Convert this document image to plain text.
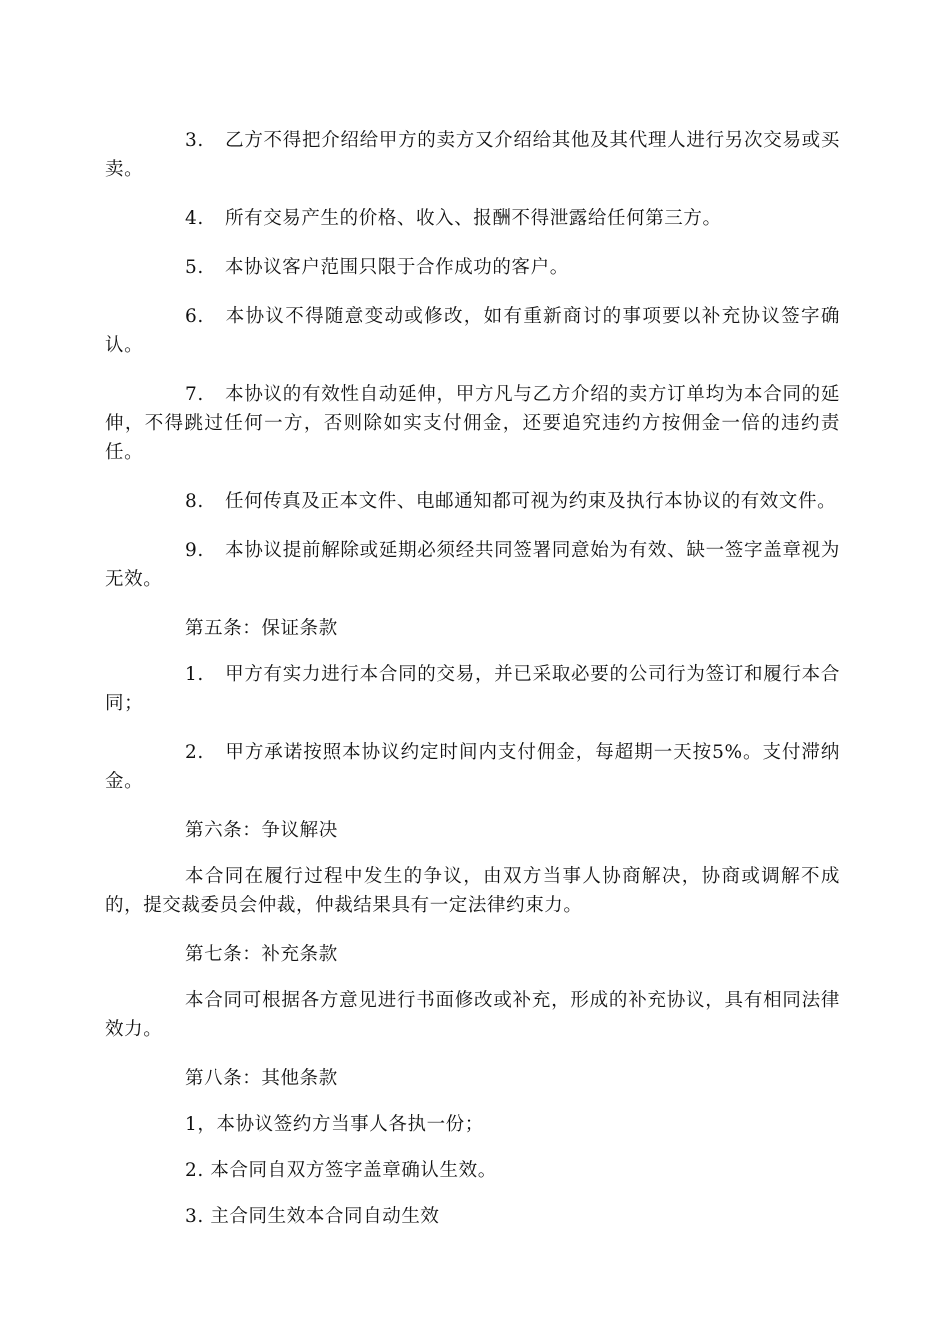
3. 乙方不得把介绍给甲方的卖方又介绍给其他及其代理人进行另次交易或买卖。

4. 所有交易产生的价格、收入、报酬不得泄露给任何第三方。

5. 本协议客户范围只限于合作成功的客户。

6. 本协议不得随意变动或修改，如有重新商讨的事项要以补充协议签字确认。

7. 本协议的有效性自动延伸，甲方凡与乙方介绍的卖方订单均为本合同的延伸，不得跳过任何一方，否则除如实支付佣金，还要追究违约方按佣金一倍的违约责任。

8. 任何传真及正本文件、电邮通知都可视为约束及执行本协议的有效文件。

9. 本协议提前解除或延期必须经共同签署同意始为有效、缺一签字盖章视为无效。

第五条：保证条款

1. 甲方有实力进行本合同的交易，并已采取必要的公司行为签订和履行本合同；

2. 甲方承诺按照本协议约定时间内支付佣金，每超期一天按5%。支付滞纳金。

第六条：争议解决

本合同在履行过程中发生的争议，由双方当事人协商解决，协商或调解不成的，提交裁委员会仲裁，仲裁结果具有一定法律约束力。

第七条：补充条款

本合同可根据各方意见进行书面修改或补充，形成的补充协议，具有相同法律效力。

第八条：其他条款

1，本协议签约方当事人各执一份；

2. 本合同自双方签字盖章确认生效。

3. 主合同生效本合同自动生效
